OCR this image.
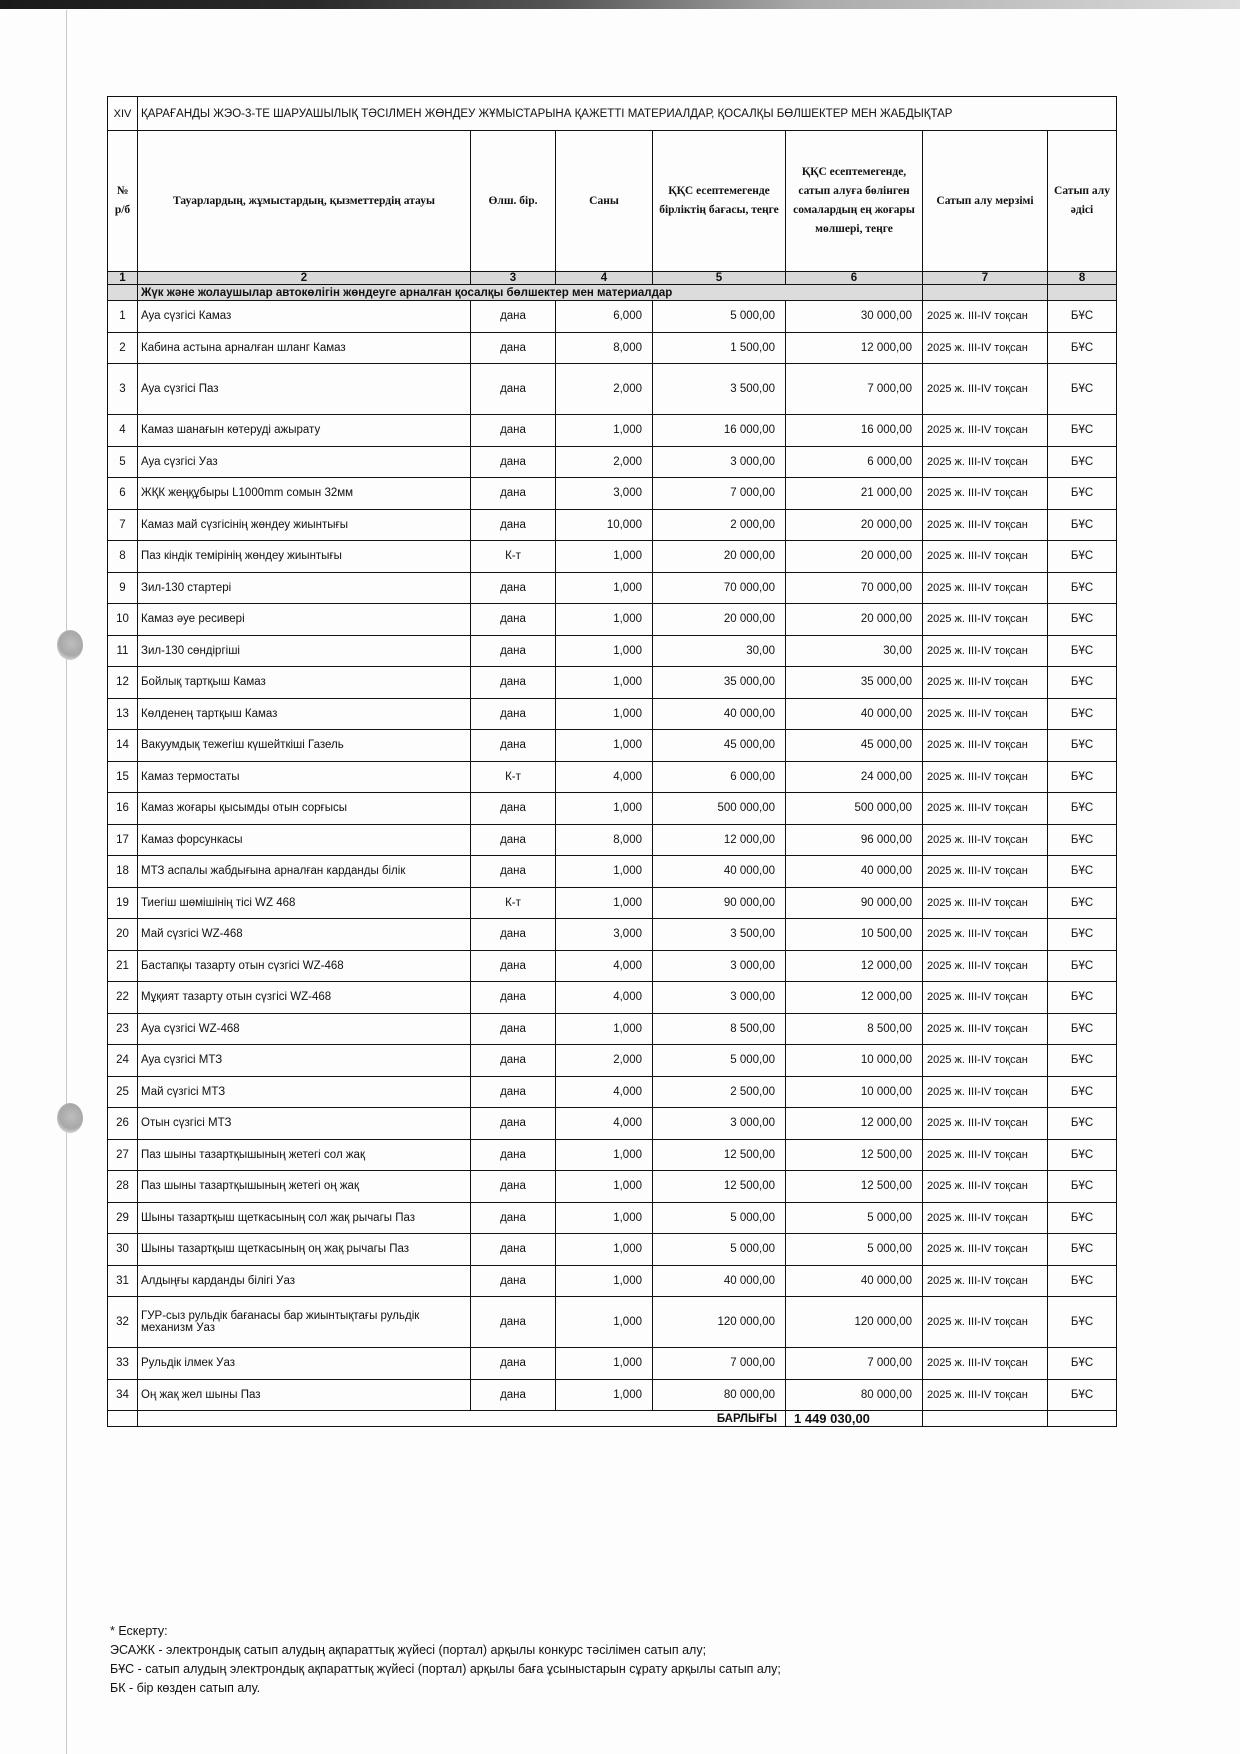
XIV	ҚАРАҒАНДЫ ЖЭО-3-ТЕ ШАРУАШЫЛЫҚ ТӘСІЛМЕН ЖӨНДЕУ ЖҰМЫСТАРЫНА ҚАЖЕТТІ МАТЕРИАЛДАР, ҚОСАЛҚЫ БӨЛШЕКТЕР МЕН ЖАБДЫҚТАР						
№ р/б	Тауарлардың, жұмыстардың, қызметтердің атауы	Өлш. бір.	Саны	ҚҚС есептемегенде бірліктің бағасы, теңге	ҚҚС есептемегенде, сатып алуға бөлінген сомалардың ең жоғары мөлшері, теңге	Сатып алу мерзімі	Сатып алу әдісі
1	2	3	4	5	6	7	8
	Жүк және жолаушылар автокөлігін жөндеуге арналған қосалқы бөлшектер мен материалдар						
1	Ауа сүзгісі Камаз	дана	6,000	5 000,00	30 000,00	2025 ж. III-IV тоқсан	БҰС
2	Кабина астына арналған шланг Камаз	дана	8,000	1 500,00	12 000,00	2025 ж. III-IV тоқсан	БҰС
3	Ауа сүзгісі Паз	дана	2,000	3 500,00	7 000,00	2025 ж. III-IV тоқсан	БҰС
4	Камаз шанағын көтеруді ажырату	дана	1,000	16 000,00	16 000,00	2025 ж. III-IV тоқсан	БҰС
5	Ауа сүзгісі Уаз	дана	2,000	3 000,00	6 000,00	2025 ж. III-IV тоқсан	БҰС
6	ЖҚК жеңқұбыры L1000mm сомын 32мм	дана	3,000	7 000,00	21 000,00	2025 ж. III-IV тоқсан	БҰС
7	Камаз май сүзгісінің жөндеу жиынтығы	дана	10,000	2 000,00	20 000,00	2025 ж. III-IV тоқсан	БҰС
8	Паз кіндік темірінің жөндеу жиынтығы	К-т	1,000	20 000,00	20 000,00	2025 ж. III-IV тоқсан	БҰС
9	Зил-130 стартері	дана	1,000	70 000,00	70 000,00	2025 ж. III-IV тоқсан	БҰС
10	Камаз әуе ресивері	дана	1,000	20 000,00	20 000,00	2025 ж. III-IV тоқсан	БҰС
11	Зил-130 сөндіргіші	дана	1,000	30,00	30,00	2025 ж. III-IV тоқсан	БҰС
12	Бойлық тартқыш Камаз	дана	1,000	35 000,00	35 000,00	2025 ж. III-IV тоқсан	БҰС
13	Көлденең тартқыш Камаз	дана	1,000	40 000,00	40 000,00	2025 ж. III-IV тоқсан	БҰС
14	Вакуумдық тежегіш күшейткіші Газель	дана	1,000	45 000,00	45 000,00	2025 ж. III-IV тоқсан	БҰС
15	Камаз термостаты	К-т	4,000	6 000,00	24 000,00	2025 ж. III-IV тоқсан	БҰС
16	Камаз жоғары қысымды отын сорғысы	дана	1,000	500 000,00	500 000,00	2025 ж. III-IV тоқсан	БҰС
17	Камаз форсункасы	дана	8,000	12 000,00	96 000,00	2025 ж. III-IV тоқсан	БҰС
18	МТЗ аспалы жабдығына арналған карданды білік	дана	1,000	40 000,00	40 000,00	2025 ж. III-IV тоқсан	БҰС
19	Тиегіш шөмішінің тісі WZ 468	К-т	1,000	90 000,00	90 000,00	2025 ж. III-IV тоқсан	БҰС
20	Май сүзгісі WZ-468	дана	3,000	3 500,00	10 500,00	2025 ж. III-IV тоқсан	БҰС
21	Бастапқы тазарту отын сүзгісі WZ-468	дана	4,000	3 000,00	12 000,00	2025 ж. III-IV тоқсан	БҰС
22	Мұқият тазарту отын сүзгісі WZ-468	дана	4,000	3 000,00	12 000,00	2025 ж. III-IV тоқсан	БҰС
23	Ауа сүзгісі WZ-468	дана	1,000	8 500,00	8 500,00	2025 ж. III-IV тоқсан	БҰС
24	Ауа сүзгісі МТЗ	дана	2,000	5 000,00	10 000,00	2025 ж. III-IV тоқсан	БҰС
25	Май сүзгісі МТЗ	дана	4,000	2 500,00	10 000,00	2025 ж. III-IV тоқсан	БҰС
26	Отын сүзгісі МТЗ	дана	4,000	3 000,00	12 000,00	2025 ж. III-IV тоқсан	БҰС
27	Паз шыны тазартқышының жетегі сол жақ	дана	1,000	12 500,00	12 500,00	2025 ж. III-IV тоқсан	БҰС
28	Паз шыны тазартқышының жетегі оң жақ	дана	1,000	12 500,00	12 500,00	2025 ж. III-IV тоқсан	БҰС
29	Шыны тазартқыш щеткасының сол жақ рычагы Паз	дана	1,000	5 000,00	5 000,00	2025 ж. III-IV тоқсан	БҰС
30	Шыны тазартқыш щеткасының оң жақ рычагы Паз	дана	1,000	5 000,00	5 000,00	2025 ж. III-IV тоқсан	БҰС
31	Алдыңғы карданды білігі Уаз	дана	1,000	40 000,00	40 000,00	2025 ж. III-IV тоқсан	БҰС
32	ГУР-сыз рульдік бағанасы бар жиынтықтағы рульдік механизм Уаз	дана	1,000	120 000,00	120 000,00	2025 ж. III-IV тоқсан	БҰС
33	Рульдік ілмек Уаз	дана	1,000	7 000,00	7 000,00	2025 ж. III-IV тоқсан	БҰС
34	Оң жақ жел шыны Паз	дана	1,000	80 000,00	80 000,00	2025 ж. III-IV тоқсан	БҰС
	БАРЛЫҒЫ				1 449 030,00		
* Ескерту:
ЭСАЖК - электрондық сатып алудың ақпараттық жүйесі (портал) арқылы конкурс тәсілімен сатып алу;
БҰС - сатып алудың электрондық ақпараттық жүйесі (портал) арқылы баға ұсыныстарын сұрату арқылы сатып алу;
БК - бір көзден сатып алу.
